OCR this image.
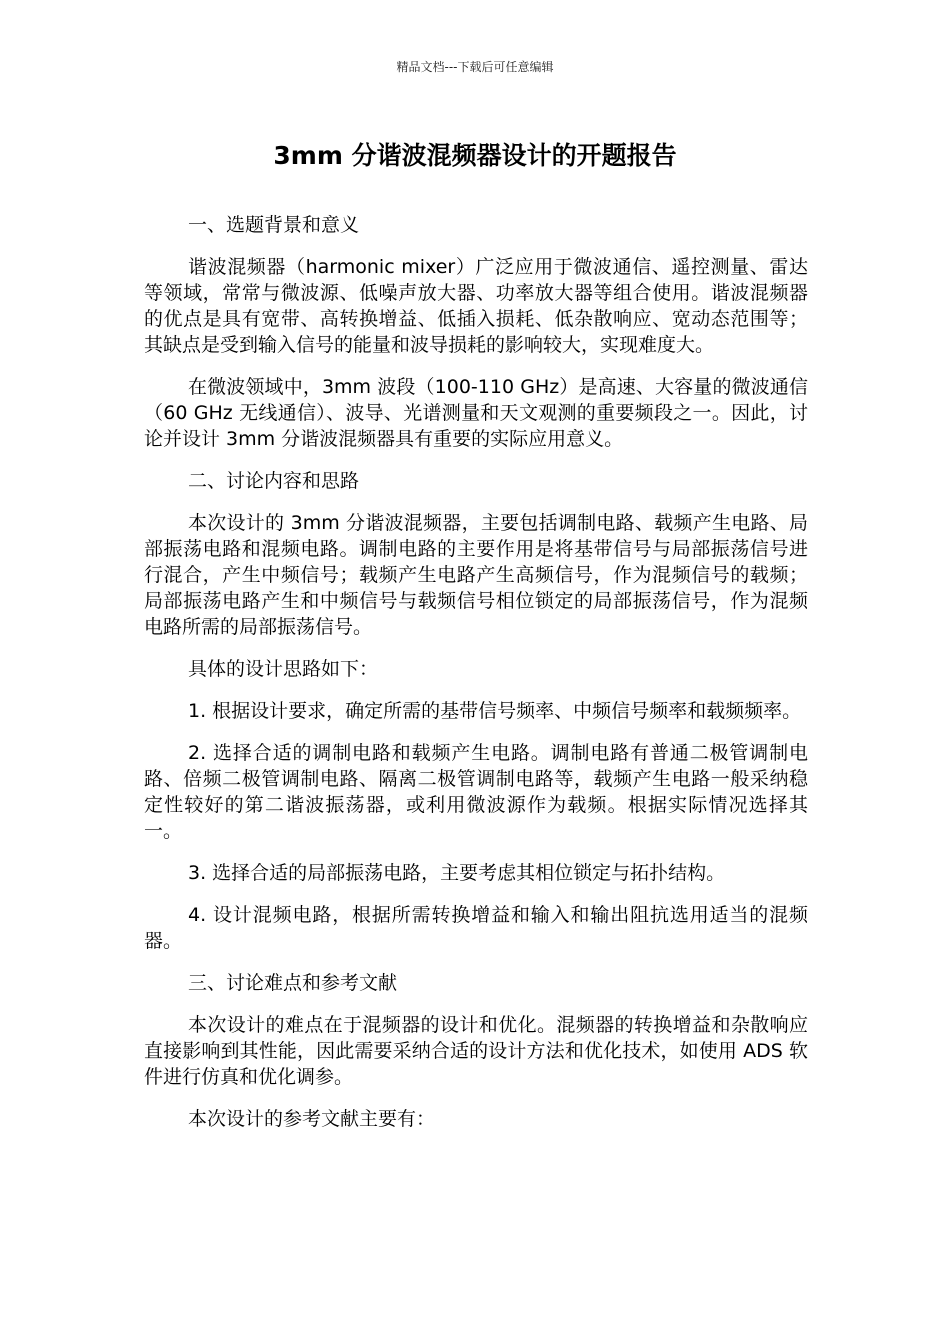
精品文档---下载后可任意编辑
3mm 分谐波混频器设计的开题报告

一、选题背景和意义

谐波混频器（harmonic mixer）广泛应用于微波通信、遥控测量、雷达等领域，常常与微波源、低噪声放大器、功率放大器等组合使用。谐波混频器的优点是具有宽带、高转换增益、低插入损耗、低杂散响应、宽动态范围等；其缺点是受到输入信号的能量和波导损耗的影响较大，实现难度大。

在微波领域中，3mm 波段（100-110 GHz）是高速、大容量的微波通信（60 GHz 无线通信）、波导、光谱测量和天文观测的重要频段之一。因此，讨论并设计 3mm 分谐波混频器具有重要的实际应用意义。

二、讨论内容和思路

本次设计的 3mm 分谐波混频器，主要包括调制电路、载频产生电路、局部振荡电路和混频电路。调制电路的主要作用是将基带信号与局部振荡信号进行混合，产生中频信号；载频产生电路产生高频信号，作为混频信号的载频；局部振荡电路产生和中频信号与载频信号相位锁定的局部振荡信号，作为混频电路所需的局部振荡信号。

具体的设计思路如下：

1. 根据设计要求，确定所需的基带信号频率、中频信号频率和载频频率。

2. 选择合适的调制电路和载频产生电路。调制电路有普通二极管调制电路、倍频二极管调制电路、隔离二极管调制电路等，载频产生电路一般采纳稳定性较好的第二谐波振荡器，或利用微波源作为载频。根据实际情况选择其一。

3. 选择合适的局部振荡电路，主要考虑其相位锁定与拓扑结构。

4. 设计混频电路，根据所需转换增益和输入和输出阻抗选用适当的混频器。

三、讨论难点和参考文献

本次设计的难点在于混频器的设计和优化。混频器的转换增益和杂散响应直接影响到其性能，因此需要采纳合适的设计方法和优化技术，如使用 ADS 软件进行仿真和优化调参。

本次设计的参考文献主要有：
